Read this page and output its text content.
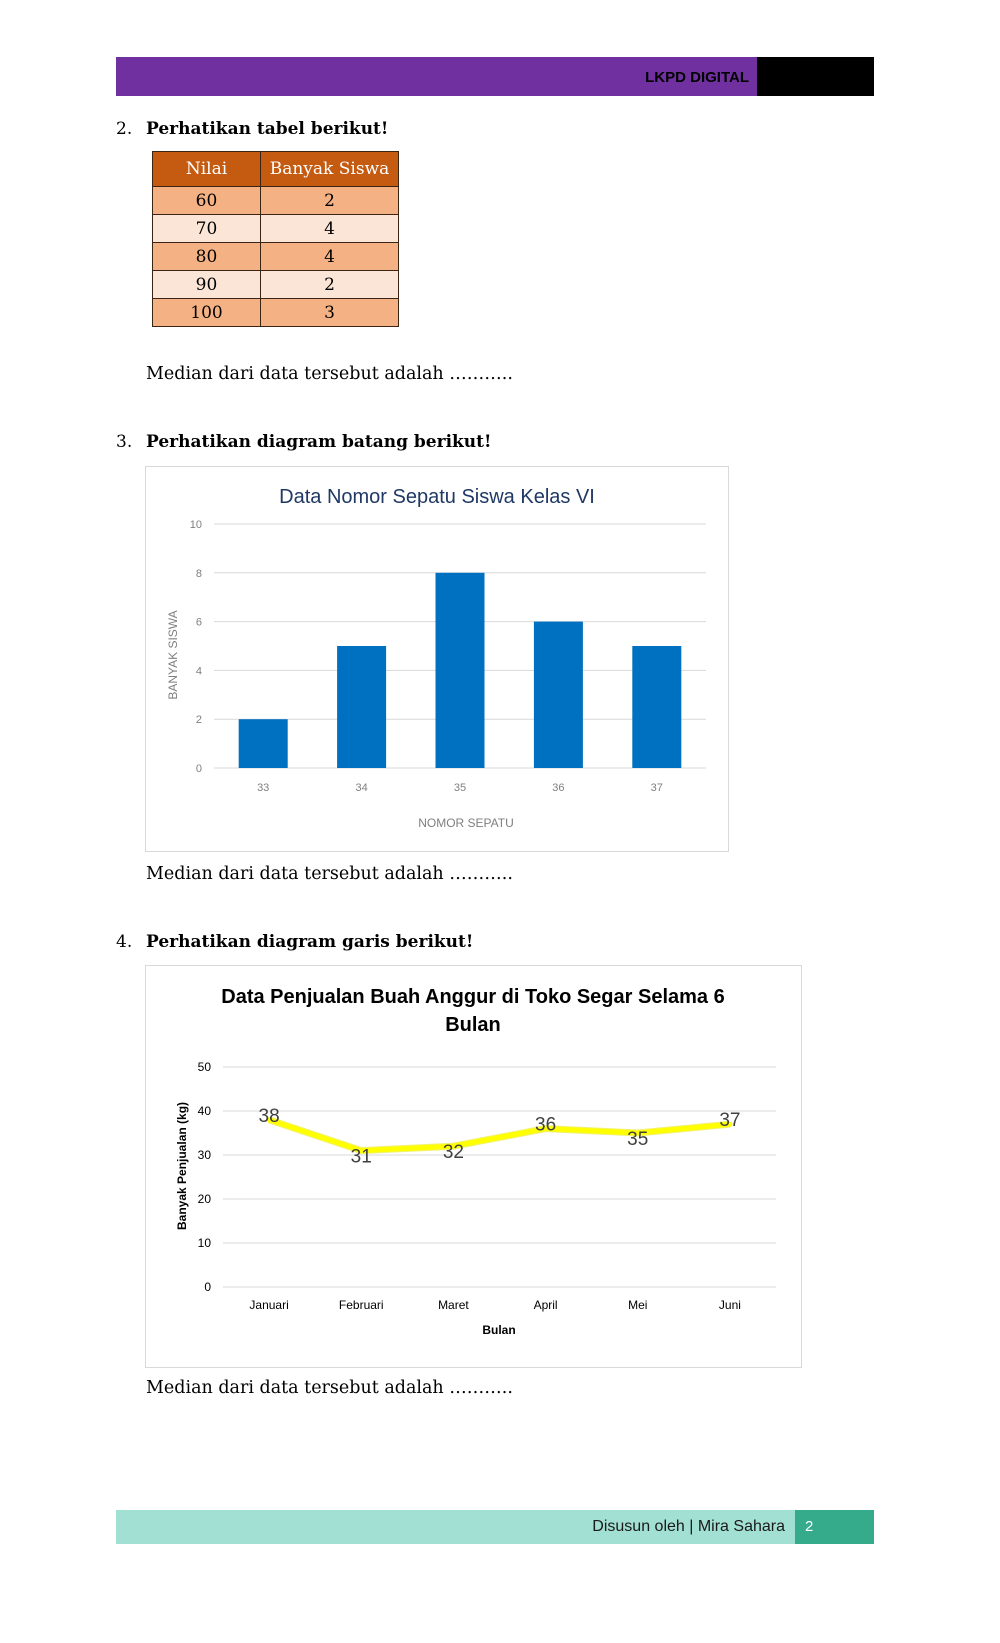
LKPD DIGITAL
2. Perhatikan tabel berikut!
Nilai	Banyak Siswa
60	2
70	4
80	4
90	2
100	3
Median dari data tersebut adalah ………..
3. Perhatikan diagram batang berikut!
Data Nomor Sepatu Siswa Kelas VI
0
2
4
6
8
10
33	34	35	36	37
NOMOR SEPATU
BANYAK SISWA
Median dari data tersebut adalah ………..
4. Perhatikan diagram garis berikut!
Data Penjualan Buah Anggur di Toko Segar Selama 6
Bulan
0
10
20
30
40
50
38
31	32
36
35
37
Januari	Februari	Maret	April	Mei	Juni
Bulan
Banyak Penjualan (kg)
Median dari data tersebut adalah ………..
Disusun oleh | Mira Sahara	2
